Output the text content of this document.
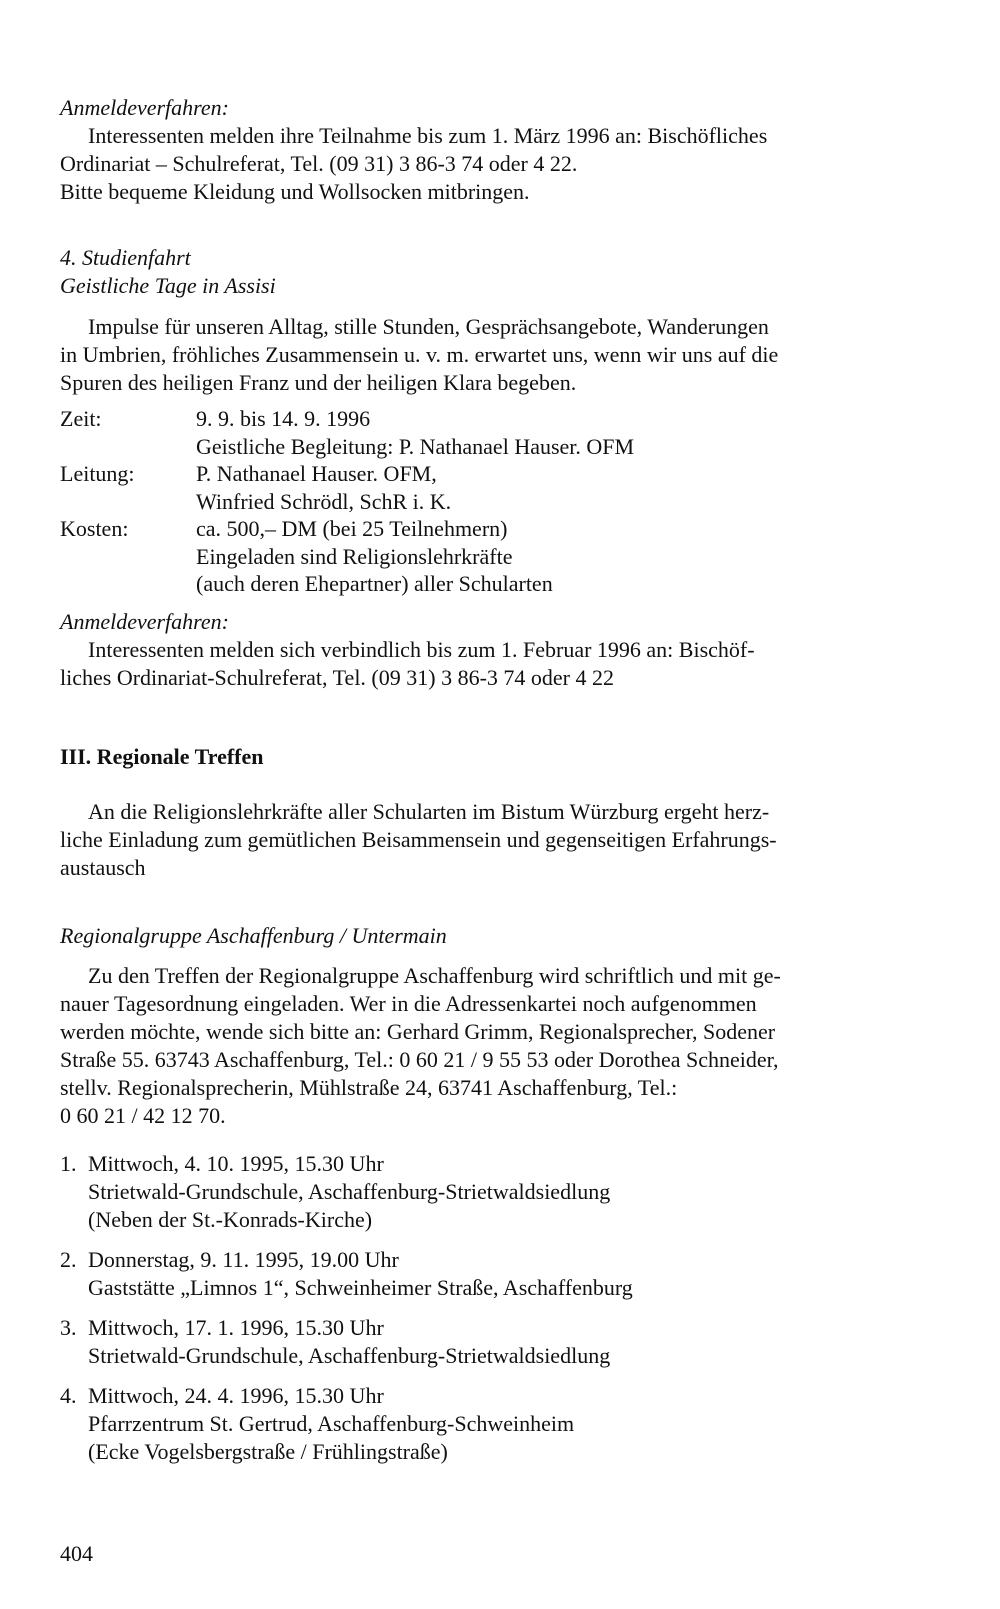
Anmeldeverfahren:
Interessenten melden ihre Teilnahme bis zum 1. März 1996 an: Bischöfliches
Ordinariat – Schulreferat, Tel. (09 31) 3 86-3 74 oder 4 22.
Bitte bequeme Kleidung und Wollsocken mitbringen.
4. Studienfahrt
Geistliche Tage in Assisi
Impulse für unseren Alltag, stille Stunden, Gesprächsangebote, Wanderungen
in Umbrien, fröhliches Zusammensein u. v. m. erwartet uns, wenn wir uns auf die
Spuren des heiligen Franz und der heiligen Klara begeben.
Zeit:	9. 9. bis 14. 9. 1996
Geistliche Begleitung: P. Nathanael Hauser. OFM
Leitung:	P. Nathanael Hauser. OFM,
Winfried Schrödl, SchR i. K.
Kosten:	ca. 500,– DM (bei 25 Teilnehmern)
Eingeladen sind Religionslehrkräfte
(auch deren Ehepartner) aller Schularten
Anmeldeverfahren:
Interessenten melden sich verbindlich bis zum 1. Februar 1996 an: Bischöf-
liches Ordinariat-Schulreferat, Tel. (09 31) 3 86-3 74 oder 4 22
III. Regionale Treffen
An die Religionslehrkräfte aller Schularten im Bistum Würzburg ergeht herz-
liche Einladung zum gemütlichen Beisammensein und gegenseitigen Erfahrungs-
austausch
Regionalgruppe Aschaffenburg / Untermain
Zu den Treffen der Regionalgruppe Aschaffenburg wird schriftlich und mit ge-
nauer Tagesordnung eingeladen. Wer in die Adressenkartei noch aufgenommen
werden möchte, wende sich bitte an: Gerhard Grimm, Regionalsprecher, Sodener
Straße 55. 63743 Aschaffenburg, Tel.: 0 60 21 / 9 55 53 oder Dorothea Schneider,
stellv. Regionalsprecherin, Mühlstraße 24, 63741 Aschaffenburg, Tel.:
0 60 21 / 42 12 70.
1. Mittwoch, 4. 10. 1995, 15.30 Uhr
Strietwald-Grundschule, Aschaffenburg-Strietwaldsiedlung
(Neben der St.-Konrads-Kirche)
2. Donnerstag, 9. 11. 1995, 19.00 Uhr
Gaststätte „Limnos 1“, Schweinheimer Straße, Aschaffenburg
3. Mittwoch, 17. 1. 1996, 15.30 Uhr
Strietwald-Grundschule, Aschaffenburg-Strietwaldsiedlung
4. Mittwoch, 24. 4. 1996, 15.30 Uhr
Pfarrzentrum St. Gertrud, Aschaffenburg-Schweinheim
(Ecke Vogelsbergstraße / Frühlingstraße)
404
